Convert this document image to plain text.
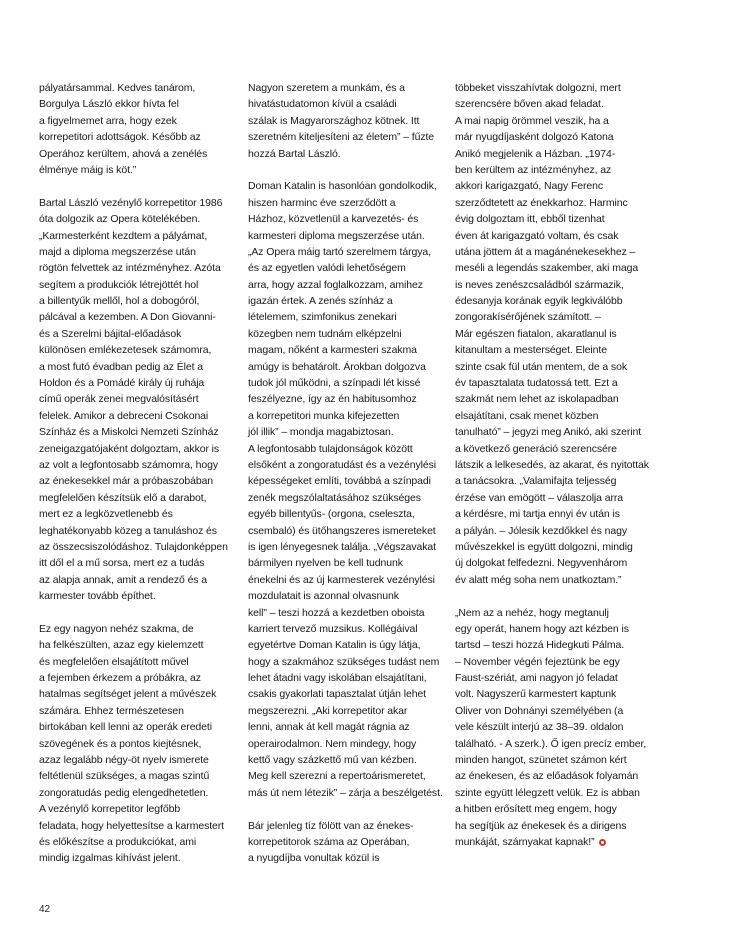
pályatársammal. Kedves tanárom,
Borgulya László ekkor hívta fel
a figyelmemet arra, hogy ezek
korrepetitori adottságok. Később az
Operához kerültem, ahová a zenélés
élménye máig is köt.”
Bartal László vezénylő korrepetitor 1986
óta dolgozik az Opera kötelékében.
„Karmesterként kezdtem a pályámat,
majd a diploma megszerzése után
rögtön felvettek az intézményhez. Azóta
segítem a produkciók létrejöttét hol
a billentyűk mellől, hol a dobogóról,
pálcával a kezemben. A Don Giovanni-
és a Szerelmi bájital-előadások
különösen emlékezetesek számomra,
a most futó évadban pedig az Élet a
Holdon és a Pomádé király új ruhája
című operák zenei megvalósításért
felelek. Amikor a debreceni Csokonai
Színház és a Miskolci Nemzeti Színház
zeneigazgatójaként dolgoztam, akkor is
az volt a legfontosabb számomra, hogy
az énekesekkel már a próbaszobában
megfelelően készítsük elő a darabot,
mert ez a legközvetlenebb és
leghatékonyabb közeg a tanuláshoz és
az összecsiszolódáshoz. Tulajdonképpen
itt dől el a mű sorsa, mert ez a tudás
az alapja annak, amit a rendező és a
karmester tovább építhet.
Ez egy nagyon nehéz szakma, de
ha felkészülten, azaz egy kielemzett
és megfelelően elsajátított művel
a fejemben érkezem a próbákra, az
hatalmas segítséget jelent a művészek
számára. Ehhez természetesen
birtokában kell lenni az operák eredeti
szövegének és a pontos kiejtésnek,
azaz legalább négy-öt nyelv ismerete
feltétlenül szükséges, a magas szintű
zongoratudás pedig elengedhetetlen.
A vezénylő korrepetitor legfőbb
feladata, hogy helyettesítse a karmestert
és előkészítse a produkciókat, ami
mindig izgalmas kihívást jelent.
Nagyon szeretem a munkám, és a
hivatástudatomon kívül a családi
szálak is Magyarországhoz kötnek. Itt
szeretném kiteljesíteni az életem” – fűzte
hozzá Bartal László.
Doman Katalin is hasonlóan gondolkodik,
hiszen harminc éve szerződött a
Házhoz, közvetlenül a karvezetés- és
karmesteri diploma megszerzése után.
„Az Opera máig tartó szerelmem tárgya,
és az egyetlen valódi lehetőségem
arra, hogy azzal foglalkozzam, amihez
igazán értek. A zenés színház a
lételemem, szimfonikus zenekari
közegben nem tudnám elképzelni
magam, nőként a karmesteri szakma
amúgy is behatárolt. Árokban dolgozva
tudok jól működni, a színpadi lét kissé
feszélyezne, így az én habitusomhoz
a korrepetitori munka kifejezetten
jól illik” – mondja magabiztosan.
A legfontosabb tulajdonságok között
elsőként a zongoratudást és a vezénylési
képességeket említi, továbbá a színpadi
zenék megszólaltatásához szükséges
egyéb billentyűs- (orgona, cseleszta,
csembaló) és ütőhangszeres ismereteket
is igen lényegesnek találja. „Végszavakat
bármilyen nyelven be kell tudnunk
énekelni és az új karmesterek vezénylési
mozdulatait is azonnal olvasnunk
kell” – teszi hozzá a kezdetben oboista
karriert tervező muzsikus. Kollégáival
egyetértve Doman Katalin is úgy látja,
hogy a szakmához szükséges tudást nem
lehet átadni vagy iskolában elsajátítani,
csakis gyakorlati tapasztalat útján lehet
megszerezni. „Aki korrepetitor akar
lenni, annak át kell magát rágnia az
operairodalmon. Nem mindegy, hogy
kettő vagy százkettő mű van kézben.
Meg kell szerezni a repertoárismeretet,
más út nem létezik” – zárja a beszélgetést.
Bár jelenleg tíz fölött van az énekes-
korrepetitorok száma az Operában,
a nyugdíjba vonultak közül is
többeket visszahívtak dolgozni, mert
szerencsére bőven akad feladat.
A mai napig örömmel veszik, ha a
már nyugdíjasként dolgozó Katona
Anikó megjelenik a Házban. „1974-
ben kerültem az intézményhez, az
akkori karigazgató, Nagy Ferenc
szerződtetett az énekkarhoz. Harminc
évig dolgoztam itt, ebből tizenhat
éven át karigazgató voltam, és csak
utána jöttem át a magánénekesekhez –
meséli a legendás szakember, aki maga
is neves zenészcsaládból származik,
édesanyja korának egyik legkiválóbb
zongorakísérőjének számított. –
Már egészen fiatalon, akaratlanul is
kitanultam a mesterséget. Eleinte
szinte csak fül után mentem, de a sok
év tapasztalata tudatossá tett. Ezt a
szakmát nem lehet az iskolapadban
elsajátítani, csak menet közben
tanulható” – jegyzi meg Anikó, aki szerint
a következő generáció szerencsére
látszik a lelkesedés, az akarat, és nyitottak
a tanácsokra. „Valamifajta teljesség
érzése van emögött – válaszolja arra
a kérdésre, mi tartja ennyi év után is
a pályán. – Jólesik kezdőkkel és nagy
művészekkel is együtt dolgozni, mindig
új dolgokat felfedezni. Negyvenhárom
év alatt még soha nem unatkoztam.”
„Nem az a nehéz, hogy megtanulj
egy operát, hanem hogy azt kézben is
tartsd – teszi hozzá Hidegkuti Pálma.
– November végén fejeztünk be egy
Faust-szériát, ami nagyon jó feladat
volt. Nagyszerű karmestert kaptunk
Oliver von Dohnányi személyében (a
vele készült interjú az 38–39. oldalon
található. - A szerk.). Ő igen precíz ember,
minden hangot, szünetet számon kért
az énekesen, és az előadások folyamán
szinte együtt lélegzett velük. Ez is abban
a hitben erősített meg engem, hogy
ha segítjük az énekesek és a dirigens
munkáját, szárnyakat kapnak!”
42
